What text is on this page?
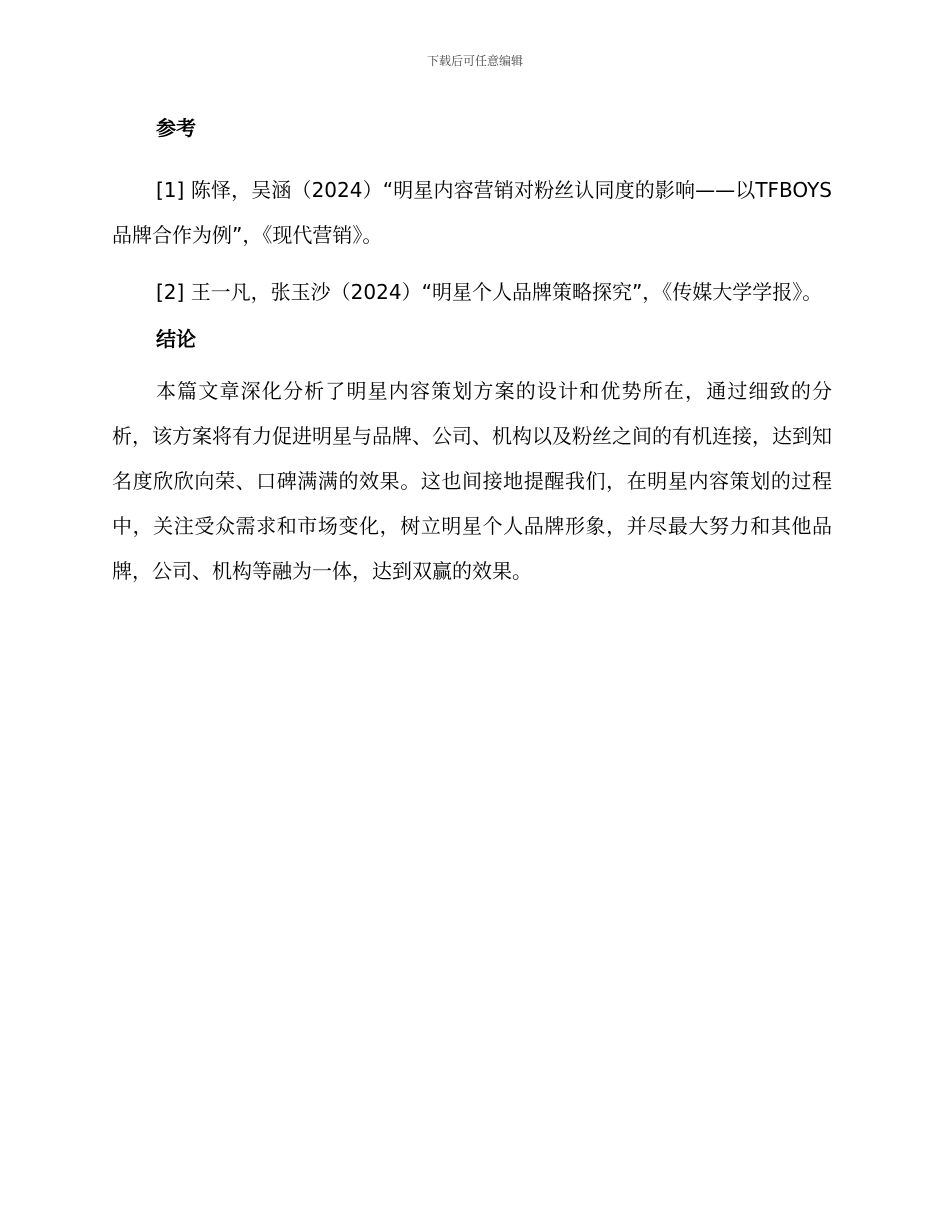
下载后可任意编辑
参考

[1] 陈怿，吴涵（2024）“明星内容营销对粉丝认同度的影响——以TFBOYS 品牌合作为例”，《现代营销》。

[2] 王一凡，张玉沙（2024）“明星个人品牌策略探究”，《传媒大学学报》。

结论

本篇文章深化分析了明星内容策划方案的设计和优势所在，通过细致的分析，该方案将有力促进明星与品牌、公司、机构以及粉丝之间的有机连接，达到知名度欣欣向荣、口碑满满的效果。这也间接地提醒我们，在明星内容策划的过程中，关注受众需求和市场变化，树立明星个人品牌形象，并尽最大努力和其他品牌，公司、机构等融为一体，达到双赢的效果。
